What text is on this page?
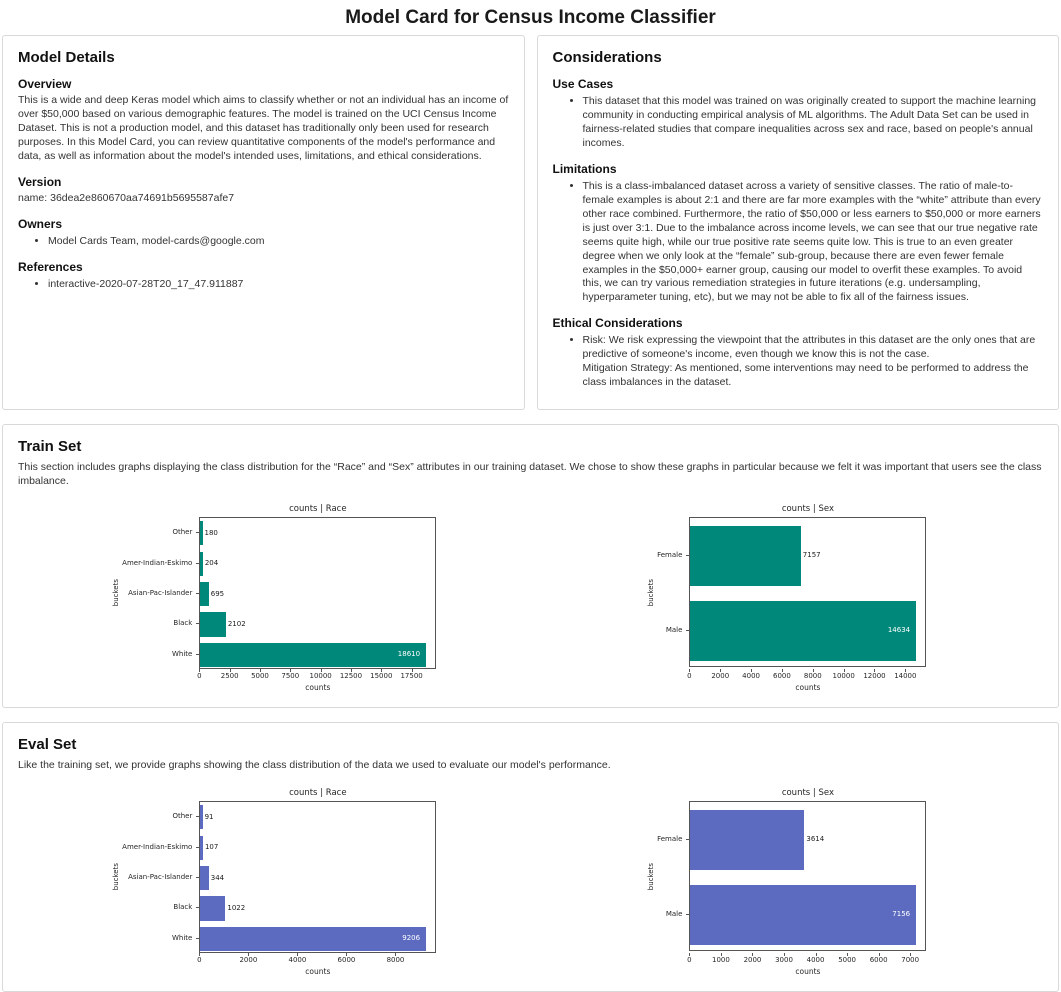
Model Card for Census Income Classifier
Model Details
Overview

This is a wide and deep Keras model which aims to classify whether or not an individual has an income of over $50,000 based on various demographic features. The model is trained on the UCI Census Income Dataset. This is not a production model, and this dataset has traditionally only been used for research purposes. In this Model Card, you can review quantitative components of the model's performance and data, as well as information about the model's intended uses, limitations, and ethical considerations.

Version

name: 36dea2e860670aa74691b5695587afe7

Owners
• Model Cards Team, model-cards@google.com
References
• interactive-2020-07-28T20_17_47.911887
Considerations
Use Cases
• This dataset that this model was trained on was originally created to support the machine learning community in conducting empirical analysis of ML algorithms. The Adult Data Set can be used in fairness-related studies that compare inequalities across sex and race, based on people's annual incomes.
Limitations
• This is a class-imbalanced dataset across a variety of sensitive classes. The ratio of male-to-female examples is about 2:1 and there are far more examples with the “white” attribute than every other race combined. Furthermore, the ratio of $50,000 or less earners to $50,000 or more earners is just over 3:1. Due to the imbalance across income levels, we can see that our true negative rate seems quite high, while our true positive rate seems quite low. This is true to an even greater degree when we only look at the “female” sub-group, because there are even fewer female examples in the $50,000+ earner group, causing our model to overfit these examples. To avoid this, we can try various remediation strategies in future iterations (e.g. undersampling, hyperparameter tuning, etc), but we may not be able to fix all of the fairness issues.
Ethical Considerations
• Risk: We risk expressing the viewpoint that the attributes in this dataset are the only ones that are predictive of someone's income, even though we know this is not the case.
Mitigation Strategy: As mentioned, some interventions may need to be performed to address the class imbalances in the dataset.
Train Set

This section includes graphs displaying the class distribution for the “Race” and “Sex” attributes in our training dataset. We chose to show these graphs in particular because we felt it was important that users see the class imbalance.

counts | Race
buckets
Other
Amer-Indian-Eskimo
Asian-Pac-Islander
Black
White
180
204
695
2102
18610
0	2500 5000 7500 10000 12500 15000 17500
counts
counts | Sex
buckets
Female
Male
7157
14634
0	2000 4000 6000 8000 10000 12000 14000
counts
Eval Set

Like the training set, we provide graphs showing the class distribution of the data we used to evaluate our model's performance.

counts | Race
buckets
Other
Amer-Indian-Eskimo
Asian-Pac-Islander
Black
White
91
107
344
1022
9206
0	2000	4000	6000	8000
counts
counts | Sex
buckets
Female
Male
3614
7156
0	1000 2000 3000 4000 5000 6000 7000
counts
